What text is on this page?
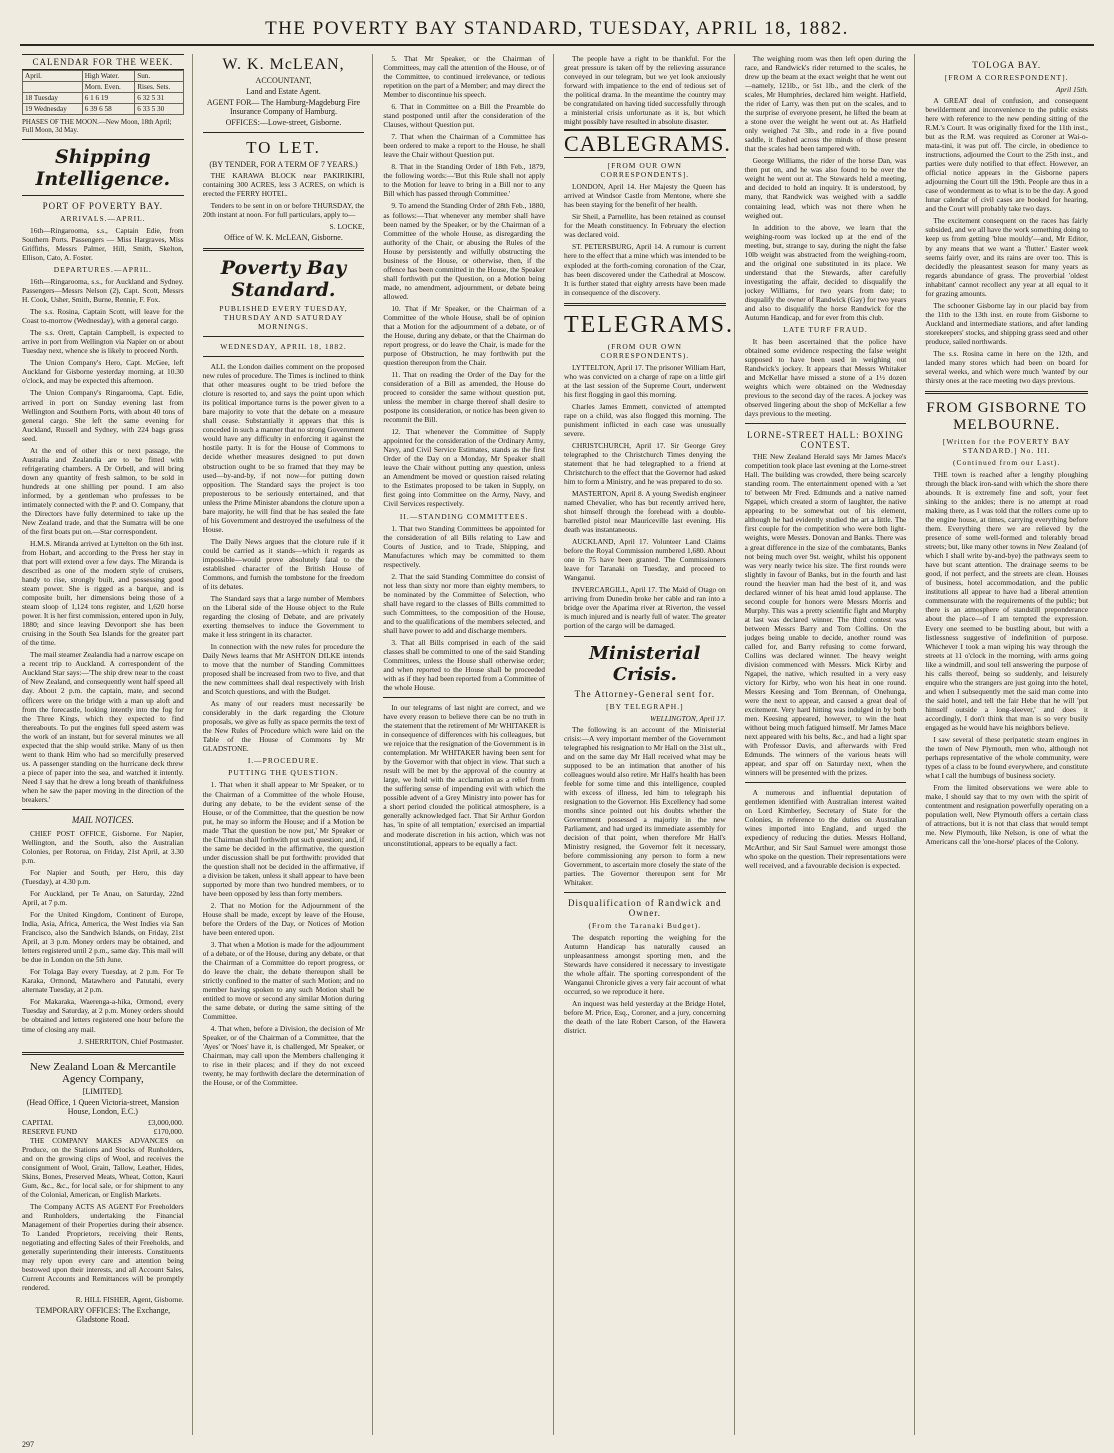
THE POVERTY BAY STANDARD, TUESDAY, APRIL 18, 1882.
CALENDAR FOR THE WEEK.
April.	High Water.	Sun.
	Morn. Even.	Rises. Sets.
18 Tuesday	6 1 6 19	6 32 5 31
19 Wednesday	6 39 6 58	6 33 5 30
PHASES OF THE MOON.—New Moon, 18th April; Full Moon, 3d May.
Shipping Intelligence.
PORT OF POVERTY BAY.
ARRIVALS.—APRIL.

16th—Ringarooma, s.s., Captain Edie, from Southern Ports. Passengers — Miss Hargraves, Miss Griffiths, Messrs Palmer, Hill, Smith, Skelton, Ellison, Cato, A. Foster.

DEPARTURES.—APRIL.

16th—Ringarooma, s.s., for Auckland and Sydney. Passengers—Messrs Nelson (2), Capt. Scott, Messrs H. Cook, Usher, Smith, Burne, Rennie, F. Fox.

The s.s. Rosina, Captain Scott, will leave for the Coast to-morrow (Wednesday), with a general cargo.

The s.s. Orett, Captain Campbell, is expected to arrive in port from Wellington via Napier on or about Tuesday next, whence she is likely to proceed North.

The Union Company's Hero, Capt. McGee, left Auckland for Gisborne yesterday morning, at 10.30 o'clock, and may be expected this afternoon.

The Union Company's Ringarooma, Capt. Edie, arrived in port on Sunday evening last from Wellington and Southern Ports, with about 40 tons of general cargo. She left the same evening for Auckland, Russell and Sydney, with 224 bags grass seed.

At the end of other this or next passage, the Australia and Zealandia are to be fitted with refrigerating chambers. A Dr Orbell, and will bring down any quantity of fresh salmon, to be sold in hundreds at one shilling per pound. I am also informed, by a gentleman who professes to be intimately connected with the P. and O. Company, that the Directors have fully determined to take up the New Zealand trade, and that the Sumatra will be one of the first boats put on.—Star correspondent.

H.M.S. Miranda arrived at Lyttelton on the 6th inst. from Hobart, and according to the Press her stay in that port will extend over a few days. The Miranda is described as one of the modern style of cruisers, handy to rise, strongly built, and possessing good steam power. She is rigged as a barque, and is composite built, her dimensions being those of a steam sloop of 1,124 tons register, and 1,620 horse power. It is her first commission, entered upon in July, 1880; and since leaving Devonport she has been cruising in the South Sea Islands for the greater part of the time.

The mail steamer Zealandia had a narrow escape on a recent trip to Auckland. A correspondent of the Auckland Star says:—'The ship drew near to the coast of New Zealand, and consequently went half speed all day. About 2 p.m. the captain, mate, and second officers were on the bridge with a man up aloft and from the forecastle, looking intently into the fog for the Three Kings, which they expected to find thereabouts. To put the engines full speed astern was the work of an instant, but for several minutes we all expected that the ship would strike. Many of us then went to thank Him who had so mercifully preserved us. A passenger standing on the hurricane deck threw a piece of paper into the sea, and watched it intently. Need I say that he drew a long breath of thankfulness when he saw the paper moving in the direction of the breakers.'

MAIL NOTICES.

CHIEF POST OFFICE, Gisborne. For Napier, Wellington, and the South, also the Australian Colonies, per Rotorua, on Friday, 21st April, at 3.30 p.m.

For Napier and South, per Hero, this day (Tuesday), at 4.30 p.m.

For Auckland, per Te Anau, on Saturday, 22nd April, at 7 p.m.

For the United Kingdom, Continent of Europe, India, Asia, Africa, America, the West Indies via San Francisco, also the Sandwich Islands, on Friday, 21st April, at 3 p.m. Money orders may be obtained, and letters registered until 2 p.m., same day. This mail will be due in London on the 5th June.

For Tolaga Bay every Tuesday, at 2 p.m. For Te Karaka, Ormond, Matawhero and Patutahi, every alternate Tuesday, at 2 p.m.

For Makaraka, Waerenga-a-hika, Ormond, every Tuesday and Saturday, at 2 p.m. Money orders should be obtained and letters registered one hour before the time of closing any mail.

J. SHERRITON, Chief Postmaster.
New Zealand Loan & Mercantile Agency Company,
[LIMITED].
(Head Office, 1 Queen Victoria-street, Mansion House, London, E.C.)
CAPITAL	£3,000,000.
RESERVE FUND	£170,000.

THE COMPANY MAKES ADVANCES on Produce, on the Stations and Stocks of Runholders, and on the growing clips of Wool, and receives the consignment of Wool, Grain, Tallow, Leather, Hides, Skins, Bones, Preserved Meats, Wheat, Cotton, Kauri Gum, &c., &c., for local sale, or for shipment to any of the Colonial, American, or English Markets.

The Company ACTS AS AGENT For Freeholders and Runholders, undertaking the Financial Management of their Properties during their absence. To Landed Proprietors, receiving their Rents, negotiating and effecting Sales of their Freeholds, and generally superintending their interests. Constituents may rely upon every care and attention being bestowed upon their interests, and all Account Sales, Current Accounts and Remittances will be promptly rendered.

R. HILL FISHER, Agent, Gisborne.
TEMPORARY OFFICES: The Exchange, Gladstone Road.
W. K. McLEAN,
ACCOUNTANT,
Land and Estate Agent.
AGENT FOR— The Hamburg-Magdeburg Fire Insurance Company of Hamburg.
OFFICES:—Lowe-street, Gisborne.
TO LET.
(BY TENDER, FOR A TERM OF 7 YEARS.)

THE KARAWA BLOCK near PAKIRIKIRI, containing 300 ACRES, less 3 ACRES, on which is erected the FERRY HOTEL.

Tenders to be sent in on or before THURSDAY, the 20th instant at noon. For full particulars, apply to—

S. LOCKE,
Office of W. K. McLEAN, Gisborne.
Poverty Bay Standard.
PUBLISHED EVERY TUESDAY, THURSDAY AND SATURDAY MORNINGS.
WEDNESDAY, APRIL 18, 1882.

ALL the London dailies comment on the proposed new rules of procedure. The Times is inclined to think that other measures ought to be tried before the cloture is resorted to, and says the point upon which its political importance turns is the power given to a bare majority to vote that the debate on a measure shall cease. Substantially it appears that this is conceded in such a manner that no strong Government would have any difficulty in enforcing it against the hostile party. It is for the House of Commons to decide whether measures designed to put down obstruction ought to be so framed that they may be used—by-and-by, if not now—for putting down opposition. The Standard says the project is too preposterous to be seriously entertained, and that unless the Prime Minister abandons the cloture upon a bare majority, he will find that he has sealed the fate of his Government and destroyed the usefulness of the House.

The Daily News argues that the cloture rule if it could be carried as it stands—which it regards as impossible—would prove absolutely fatal to the established character of the British House of Commons, and furnish the tombstone for the freedom of its debates.

The Standard says that a large number of Members on the Liberal side of the House object to the Rule regarding the closing of Debate, and are privately exerting themselves to induce the Government to make it less stringent in its character.

In connection with the new rules for procedure the Daily News learns that Mr ASHTON DILKE intends to move that the number of Standing Committees proposed shall be increased from two to five, and that the new committees shall deal respectively with Irish and Scotch questions, and with the Budget.

As many of our readers must necessarily be considerably in the dark regarding the Cloture proposals, we give as fully as space permits the text of the New Rules of Procedure which were laid on the Table of the House of Commons by Mr GLADSTONE.

I.—PROCEDURE.
PUTTING THE QUESTION.

1. That when it shall appear to Mr Speaker, or to the Chairman of a Committee of the whole House, during any debate, to be the evident sense of the House, or of the Committee, that the question be now put, he may so inform the House; and if a Motion be made 'That the question be now put,' Mr Speaker or the Chairman shall forthwith put such question; and, if the same be decided in the affirmative, the question under discussion shall be put forthwith: provided that the question shall not be decided in the affirmative, if a division be taken, unless it shall appear to have been supported by more than two hundred members, or to have been opposed by less than forty members.

2. That no Motion for the Adjournment of the House shall be made, except by leave of the House, before the Orders of the Day, or Notices of Motion have been entered upon.

3. That when a Motion is made for the adjournment of a debate, or of the House, during any debate, or that the Chairman of a Committee do report progress, or do leave the chair, the debate thereupon shall be strictly confined to the matter of such Motion; and no member having spoken to any such Motion shall be entitled to move or second any similar Motion during the same debate, or during the same sitting of the Committee.

4. That when, before a Division, the decision of Mr Speaker, or of the Chairman of a Committee, that the 'Ayes' or 'Noes' have it, is challenged, Mr Speaker, or Chairman, may call upon the Members challenging it to rise in their places; and if they do not exceed twenty, he may forthwith declare the determination of the House, or of the Committee.

5. That Mr Speaker, or the Chairman of Committees, may call the attention of the House, or of the Committee, to continued irrelevance, or tedious repetition on the part of a Member; and may direct the Member to discontinue his speech.

6. That in Committee on a Bill the Preamble do stand postponed until after the consideration of the Clauses, without Question put.

7. That when the Chairman of a Committee has been ordered to make a report to the House, he shall leave the Chair without Question put.

8. That in the Standing Order of 18th Feb., 1879, the following words:—'But this Rule shall not apply to the Motion for leave to bring in a Bill nor to any Bill which has passed through Committee.'

9. To amend the Standing Order of 28th Feb., 1880, as follows:—That whenever any member shall have been named by the Speaker, or by the Chairman of a Committee of the whole House, as disregarding the authority of the Chair, or abusing the Rules of the House by persistently and wilfully obstructing the business of the House, or otherwise, then, if the offence has been committed in the House, the Speaker shall forthwith put the Question, on a Motion being made, no amendment, adjournment, or debate being allowed.

10. That if Mr Speaker, or the Chairman of a Committee of the whole House, shall be of opinion that a Motion for the adjournment of a debate, or of the House, during any debate, or that the Chairman do report progress, or do leave the Chair, is made for the purpose of Obstruction, he may forthwith put the question thereupon from the Chair.

11. That on reading the Order of the Day for the consideration of a Bill as amended, the House do proceed to consider the same without question put, unless the member in charge thereof shall desire to postpone its consideration, or notice has been given to recommit the Bill.

12. That whenever the Committee of Supply appointed for the consideration of the Ordinary Army, Navy, and Civil Service Estimates, stands as the first Order of the Day on a Monday, Mr Speaker shall leave the Chair without putting any question, unless an Amendment be moved or question raised relating to the Estimates proposed to be taken in Supply, on first going into Committee on the Army, Navy, and Civil Services respectively.

II.—STANDING COMMITTEES.

1. That two Standing Committees be appointed for the consideration of all Bills relating to Law and Courts of Justice, and to Trade, Shipping, and Manufactures which may be committed to them respectively.

2. That the said Standing Committee do consist of not less than sixty nor more than eighty members, to be nominated by the Committee of Selection, who shall have regard to the classes of Bills committed to such Committees, to the composition of the House, and to the qualifications of the members selected, and shall have power to add and discharge members.

3. That all Bills comprised in each of the said classes shall be committed to one of the said Standing Committees, unless the House shall otherwise order; and when reported to the House shall be proceeded with as if they had been reported from a Committee of the whole House.

In our telegrams of last night are correct, and we have every reason to believe there can be no truth in the statement that the retirement of Mr WHITAKER is in consequence of differences with his colleagues, but we rejoice that the resignation of the Government is in contemplation. Mr WHITAKER having been sent for by the Governor with that object in view. That such a result will be met by the approval of the country at large, we hold with the acclamation as a relief from the suffering sense of impending evil with which the possible advent of a Grey Ministry into power has for a short period clouded the political atmosphere, is a generally acknowledged fact. That Sir Arthur Gordon has, 'in spite of all temptation,' exercised an impartial and moderate discretion in his action, which was not unconstitutional, appears to be equally a fact.

The people have a right to be thankful. For the great pressure is taken off by the relieving assurance conveyed in our telegram, but we yet look anxiously forward with impatience to the end of tedious set of the political drama. In the meantime the country may be congratulated on having tided successfully through a ministerial crisis unfortunate as it is, but which might possibly have resulted in absolute disaster.

CABLEGRAMS.
[FROM OUR OWN CORRESPONDENTS].

LONDON, April 14. Her Majesty the Queen has arrived at Windsor Castle from Mentone, where she has been staying for the benefit of her health.

Sir Sheil, a Parnellite, has been retained as counsel for the Meath constituency. In February the election was declared void.

ST. PETERSBURG, April 14. A rumour is current here to the effect that a mine which was intended to be exploded at the forth-coming coronation of the Czar, has been discovered under the Cathedral at Moscow. It is further stated that eighty arrests have been made in consequence of the discovery.

TELEGRAMS.
(FROM OUR OWN CORRESPONDENTS).

LYTTELTON, April 17. The prisoner William Hart, who was convicted on a charge of rape on a little girl at the last session of the Supreme Court, underwent his first flogging in gaol this morning.

Charles James Emmett, convicted of attempted rape on a child, was also flogged this morning. The punishment inflicted in each case was unusually severe.

CHRISTCHURCH, April 17. Sir George Grey telegraphed to the Christchurch Times denying the statement that he had telegraphed to a friend at Christchurch to the effect that the Governor had asked him to form a Ministry, and he was prepared to do so.

MASTERTON, April 8. A young Swedish engineer named Chevalier, who has but recently arrived here, shot himself through the forehead with a double-barrelled pistol near Mauriceville last evening. His death was instantaneous.

AUCKLAND, April 17. Volunteer Land Claims before the Royal Commission numbered 1,680. About one in 75 have been granted. The Commissioners leave for Taranaki on Tuesday, and proceed to Wanganui.

INVERCARGILL, April 17. The Maid of Otago on arriving from Dunedin broke her cable and ran into a bridge over the Aparima river at Riverton, the vessel is much injured and is nearly full of water. The greater portion of the cargo will be damaged.

Ministerial Crisis.
The Attorney-General sent for.
[BY TELEGRAPH.]
WELLINGTON, April 17.

The following is an account of the Ministerial crisis:—A very important member of the Government telegraphed his resignation to Mr Hall on the 31st ult., and on the same day Mr Hall received what may be supposed to be an intimation that another of his colleagues would also retire. Mr Hall's health has been feeble for some time and this intelligence, coupled with excess of illness, led him to telegraph his resignation to the Governor. His Excellency had some months since pointed out his doubts whether the Government possessed a majority in the new Parliament, and had urged its immediate assembly for decision of that point, when therefore Mr Hall's Ministry resigned, the Governor felt it necessary, before commissioning any person to form a new Government, to ascertain more closely the state of the parties. The Governor thereupon sent for Mr Whitaker.

Disqualification of Randwick and Owner.
(From the Taranaki Budget).

The despatch reporting the weighing for the Autumn Handicap has naturally caused an unpleasantness amongst sporting men, and the Stewards have considered it necessary to investigate the whole affair. The sporting correspondent of the Wanganui Chronicle gives a very fair account of what occurred, so we reproduce it here.

An inquest was held yesterday at the Bridge Hotel, before M. Price, Esq., Coroner, and a jury, concerning the death of the late Robert Carson, of the Hawera district.

The weighing room was then left open during the race, and Randwick's rider returned to the scales, he drew up the beam at the exact weight that he went out—namely, 121lb., or 5st 1lb., and the clerk of the scales, Mr Humphries, declared him weight. Hatfield, the rider of Larry, was then put on the scales, and to the surprise of everyone present, he lifted the beam at a stone over the weight he went out at. As Hatfield only weighed 7st 3lb., and rode in a five pound saddle, it flashed across the minds of those present that the scales had been tampered with.

George Williams, the rider of the horse Dan, was then put on, and he was also found to be over the weight he went out at. The Stewards held a meeting, and decided to hold an inquiry. It is understood, by many, that Randwick was weighed with a saddle containing lead, which was not there when he weighed out.

In addition to the above, we learn that the weighing-room was locked up at the end of the meeting, but, strange to say, during the night the false 10lb weight was abstracted from the weighing-room, and the original one substituted in its place. We understand that the Stewards, after carefully investigating the affair, decided to disqualify the jockey Williams, for two years from date; to disqualify the owner of Randwick (Gay) for two years and also to disqualify the horse Randwick for the Autumn Handicap, and for ever from this club.

LATE TURF FRAUD.

It has been ascertained that the police have obtained some evidence respecting the false weight supposed to have been used in weighing out Randwick's jockey. It appears that Messrs Whitaker and McKellar have missed a stone of a 1½ dozen weights which were obtained on the Wednesday previous to the second day of the races. A jockey was observed lingering about the shop of McKellar a few days previous to the meeting.

LORNE-STREET HALL: BOXING CONTEST.

THE New Zealand Herald says Mr James Mace's competition took place last evening at the Lorne-street Hall. The building was crowded, there being scarcely standing room. The entertainment opened with a 'set to' between Mr Fred. Edmunds and a native named Ngapei, which created a storm of laughter, the native appearing to be somewhat out of his element, although he had evidently studied the art a little. The first couple for the competition who were both light-weights, were Messrs. Donovan and Banks. There was a great difference in the size of the combatants, Banks not being much over 9st. weight, whilst his opponent was very nearly twice his size. The first rounds were slightly in favour of Banks, but in the fourth and last round the heavier man had the best of it, and was declared winner of his heat amid loud applause. The second couple for honors were Messrs Morris and Murphy. This was a pretty scientific fight and Murphy at last was declared winner. The third contest was between Messrs Barry and Tom Collins. On the judges being unable to decide, another round was called for, and Barry refusing to come forward, Collins was declared winner. The heavy weight division commenced with Messrs. Mick Kirby and Ngapei, the native, which resulted in a very easy victory for Kirby, who won his heat in one round. Messrs Keesing and Tom Brennan, of Onehunga, were the next to appear, and caused a great deal of excitement. Very hard hitting was indulged in by both men. Keesing appeared, however, to win the heat without being much fatigued himself. Mr James Mace next appeared with his belts, &c., and had a light spar with Professor Davis, and afterwards with Fred Edmunds. The winners of the various heats will appear, and spar off on Saturday next, when the winners will be presented with the prizes.

A numerous and influential deputation of gentlemen identified with Australian interest waited on Lord Kimberley, Secretary of State for the Colonies, in reference to the duties on Australian wines imported into England, and urged the expediency of reducing the duties. Messrs Holland, McArthur, and Sir Saul Samuel were amongst those who spoke on the question. Their representations were well received, and a favourable decision is expected.

TOLOGA BAY.
[FROM A CORRESPONDENT].
April 15th.

A GREAT deal of confusion, and consequent bewilderment and inconvenience to the public exists here with reference to the new pending sitting of the R.M.'s Court. It was originally fixed for the 11th inst., but as the R.M. was required as Coroner at Wai-o-mata-tini, it was put off. The circle, in obedience to instructions, adjourned the Court to the 25th inst., and parties were duly notified to that effect. However, an official notice appears in the Gisborne papers adjourning the Court till the 19th. People are thus in a case of wonderment as to what is to be the day. A good lunar calendar of civil cases are booked for hearing, and the Court will probably take two days.

The excitement consequent on the races has fairly subsided, and we all have the work something doing to keep us from getting 'blue mouldy'—and, Mr Editor, by any means that we want a 'flutter.' Easter week seems fairly over, and its rains are over too. This is decidedly the pleasantest season for many years as regards abundance of grass. The proverbial 'oldest inhabitant' cannot recollect any year at all equal to it for grazing amounts.

The schooner Gisborne lay in our placid bay from the 11th to the 13th inst. en route from Gisborne to Auckland and intermediate stations, and after landing storekeepers' stocks, and shipping grass seed and other produce, sailed northwards.

The s.s. Rosina came in here on the 12th, and landed many stores which had been on board for several weeks, and which were much 'wanted' by our thirsty ones at the race meeting two days previous.

FROM GISBORNE TO MELBOURNE.
[Written for the POVERTY BAY STANDARD.] No. III.
(Continued from our Last).

THE town is reached after a lengthy ploughing through the black iron-sand with which the shore there abounds. It is extremely fine and soft, your feet sinking to the ankles; there is no attempt at road making there, as I was told that the rollers come up to the engine house, at times, carrying everything before them. Everything there we are relieved by the presence of some well-formed and tolerably broad streets; but, like many other towns in New Zealand (of which I shall write by-and-bye) the pathways seem to have but scant attention. The drainage seems to be good, if not perfect, and the streets are clean. Houses of business, hotel accommodation, and the public institutions all appear to have had a liberal attention commensurate with the requirements of the public; but there is an atmosphere of standstill preponderance about the place—of I am tempted the expression. Every one seemed to be bustling about, but with a listlessness suggestive of indefinition of purpose. Whichever I took a man wiping his way through the streets at 11 o'clock in the morning, with arms going like a windmill, and soul tell answering the purpose of his calls thereof, being so suddenly, and leisurely enquire who the strangers are just going into the hotel, and when I subsequently met the said man come into the said hotel, and tell the fair Hebe that he will 'put himself outside a long-sleever,' and does it accordingly, I don't think that man is so very busily engaged as he would have his neighbors believe.

I saw several of these peripatetic steam engines in the town of New Plymouth, men who, although not perhaps representative of the whole community, were types of a class to be found everywhere, and constitute what I call the humbugs of business society.

From the limited observations we were able to make, I should say that to my own with the spirit of contentment and resignation powerfully operating on a population well, New Plymouth offers a certain class of attractions, but it is not that class that would tempt me. New Plymouth, like Nelson, is one of what the Americans call the 'one-horse' places of the Colony.

297
